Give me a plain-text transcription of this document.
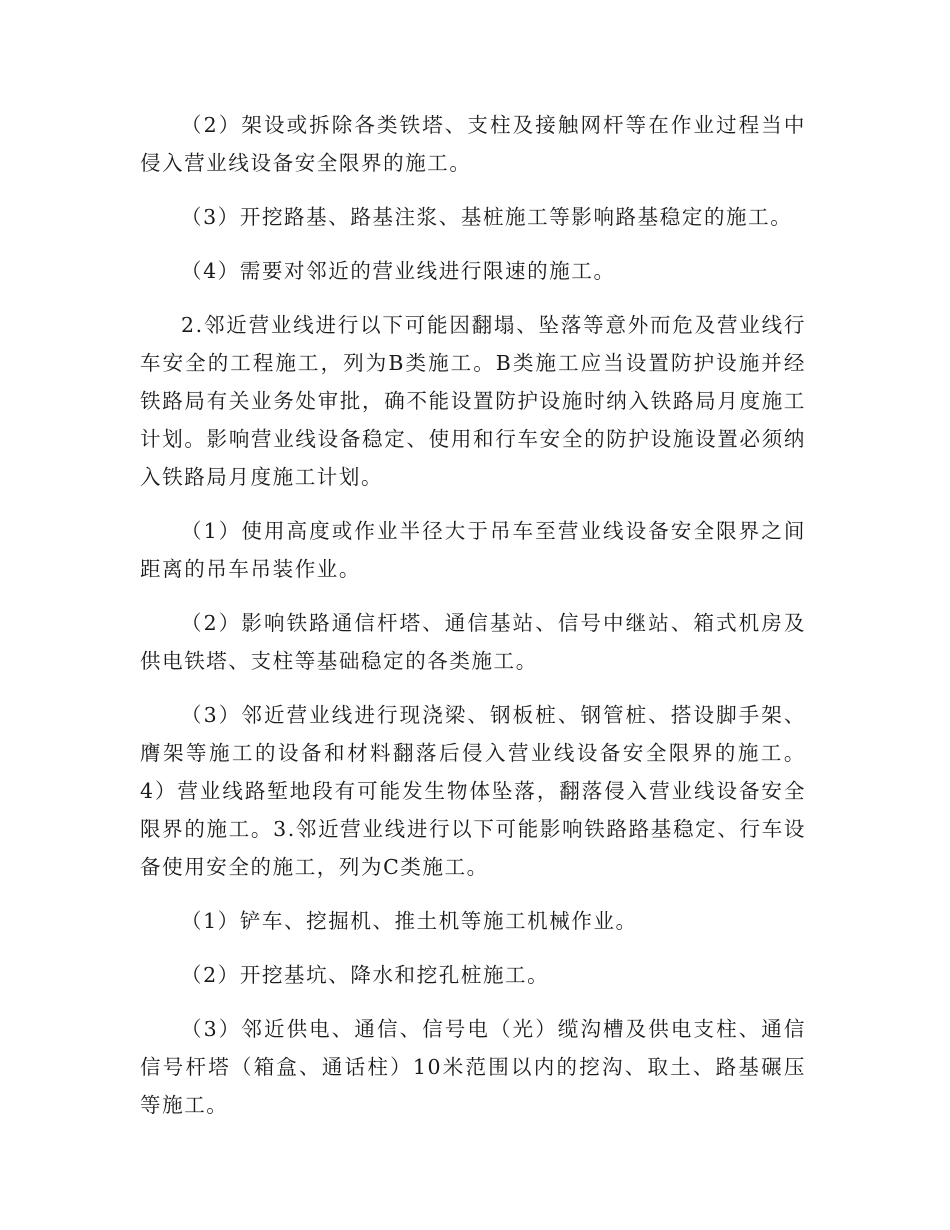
（2）架设或拆除各类铁塔、支柱及接触网杆等在作业过程当中侵入营业线设备安全限界的施工。

（3）开挖路基、路基注浆、基桩施工等影响路基稳定的施工。

（4）需要对邻近的营业线进行限速的施工。

2.邻近营业线进行以下可能因翻塌、坠落等意外而危及营业线行车安全的工程施工，列为B类施工。B类施工应当设置防护设施并经铁路局有关业务处审批，确不能设置防护设施时纳入铁路局月度施工计划。影响营业线设备稳定、使用和行车安全的防护设施设置必须纳入铁路局月度施工计划。

（1）使用高度或作业半径大于吊车至营业线设备安全限界之间距离的吊车吊装作业。

（2）影响铁路通信杆塔、通信基站、信号中继站、箱式机房及供电铁塔、支柱等基础稳定的各类施工。

（3）邻近营业线进行现浇梁、钢板桩、钢管桩、搭设脚手架、膺架等施工的设备和材料翻落后侵入营业线设备安全限界的施工。4）营业线路堑地段有可能发生物体坠落，翻落侵入营业线设备安全限界的施工。3.邻近营业线进行以下可能影响铁路路基稳定、行车设备使用安全的施工，列为C类施工。

（1）铲车、挖掘机、推土机等施工机械作业。

（2）开挖基坑、降水和挖孔桩施工。

（3）邻近供电、通信、信号电（光）缆沟槽及供电支柱、通信信号杆塔（箱盒、通话柱）10米范围以内的挖沟、取土、路基碾压等施工。
